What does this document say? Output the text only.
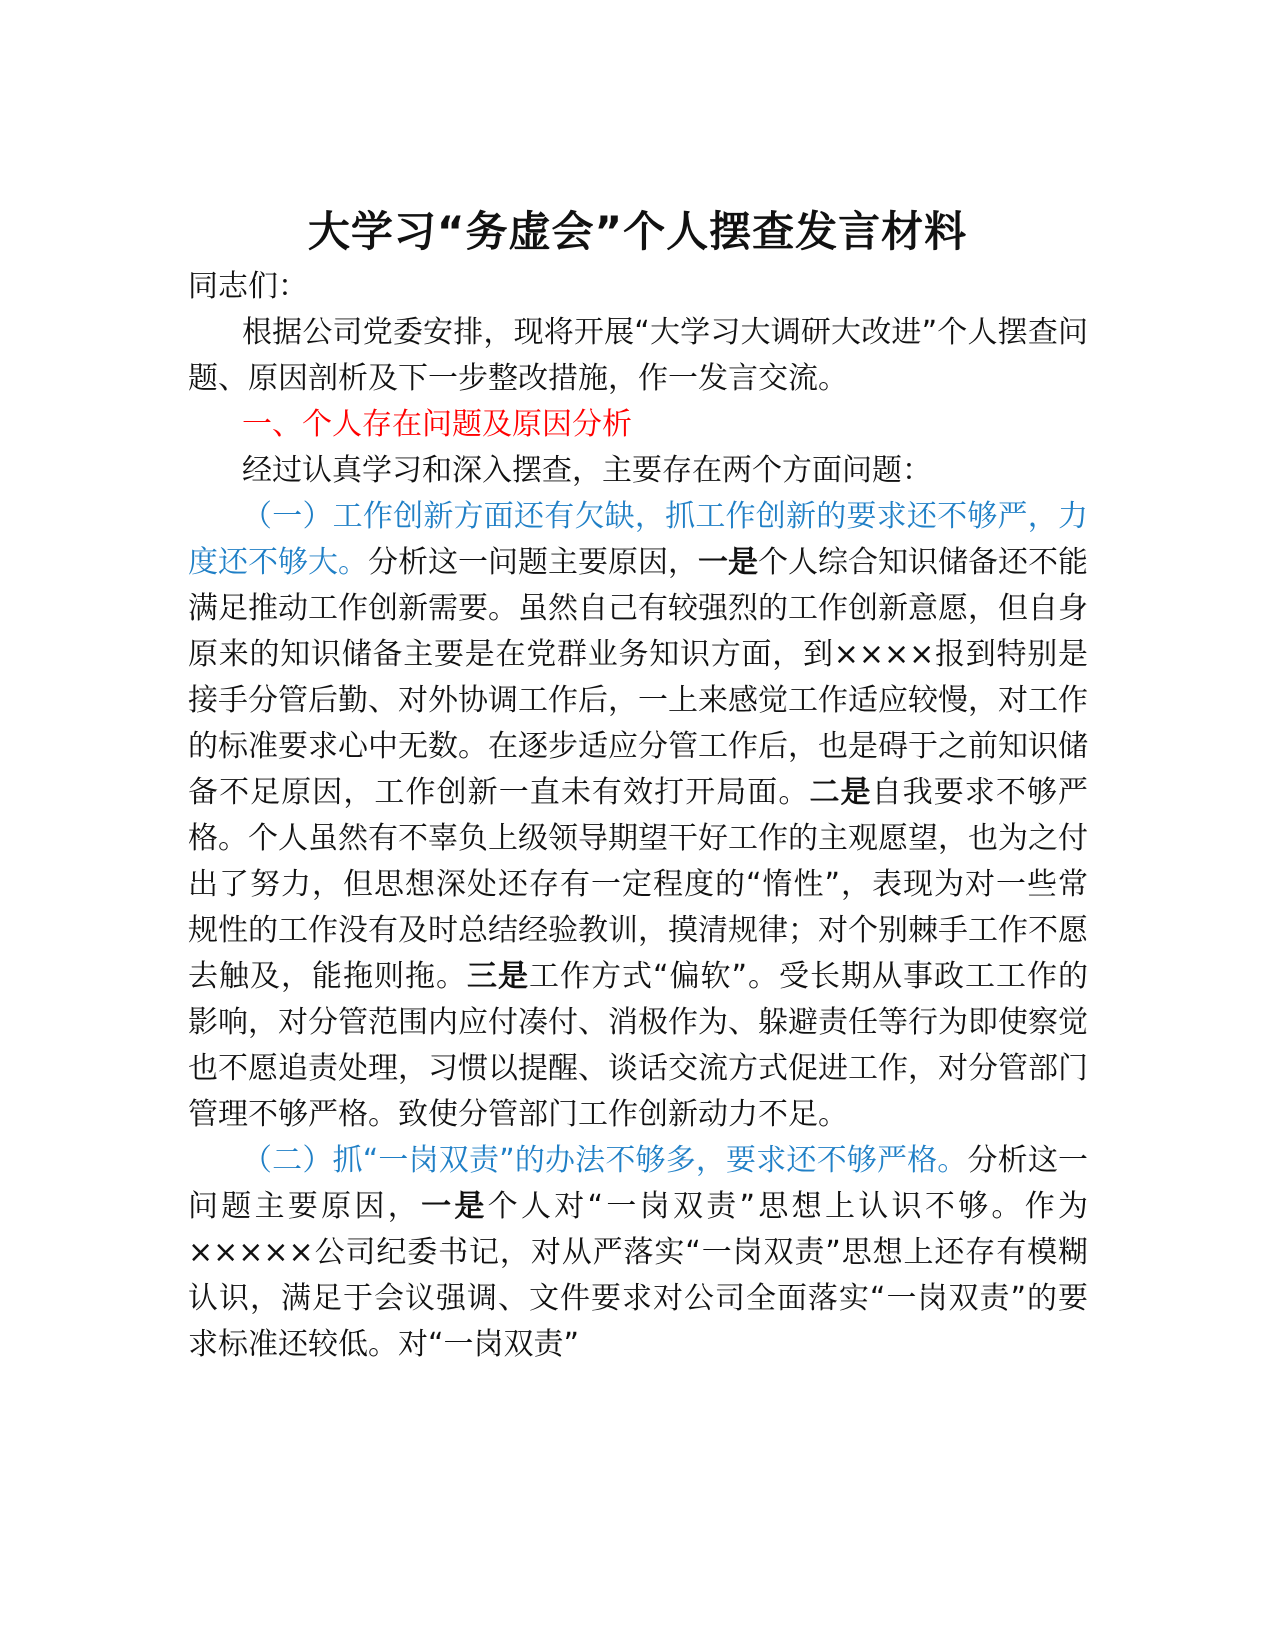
大学习“务虚会”个人摆查发言材料

同志们：

根据公司党委安排，现将开展“大学习大调研大改进”个人摆查问题、原因剖析及下一步整改措施，作一发言交流。

一、个人存在问题及原因分析

经过认真学习和深入摆查，主要存在两个方面问题：

（一）工作创新方面还有欠缺，抓工作创新的要求还不够严，力度还不够大。分析这一问题主要原因，一是个人综合知识储备还不能满足推动工作创新需要。虽然自己有较强烈的工作创新意愿，但自身原来的知识储备主要是在党群业务知识方面，到××××报到特别是接手分管后勤、对外协调工作后，一上来感觉工作适应较慢，对工作的标准要求心中无数。在逐步适应分管工作后，也是碍于之前知识储备不足原因，工作创新一直未有效打开局面。二是自我要求不够严格。个人虽然有不辜负上级领导期望干好工作的主观愿望，也为之付出了努力，但思想深处还存有一定程度的“惰性”，表现为对一些常规性的工作没有及时总结经验教训，摸清规律；对个别棘手工作不愿去触及，能拖则拖。三是工作方式“偏软”。受长期从事政工工作的影响，对分管范围内应付凑付、消极作为、躲避责任等行为即使察觉也不愿追责处理，习惯以提醒、谈话交流方式促进工作，对分管部门管理不够严格。致使分管部门工作创新动力不足。

（二）抓“一岗双责”的办法不够多，要求还不够严格。分析这一问题主要原因，一是个人对“一岗双责”思想上认识不够。作为×××××公司纪委书记，对从严落实“一岗双责”思想上还存有模糊认识，满足于会议强调、文件要求对公司全面落实“一岗双责”的要求标准还较低。对“一岗双责”
